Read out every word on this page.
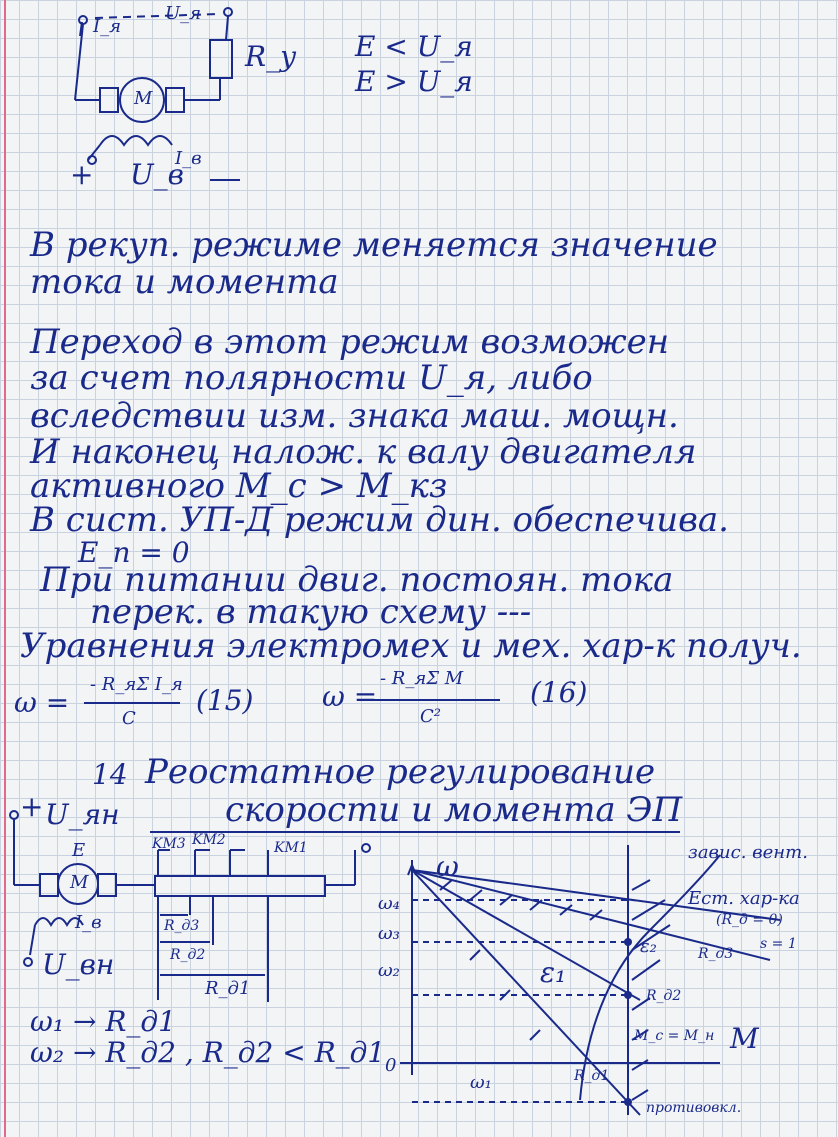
I_я
U_я
R_у
M
I_в
U_в
+
E < U_я
E > U_я
В рекуп. режиме меняется значение
тока и момента
Переход в этот режим возможен
за счет полярности U_я, либо
вследствии изм. знака маш. мощн.
И наконец налож. к валу двигателя
активного M_c > M_кз
В сист. УП-Д режим дин. обеспечива.
E_п = 0
При питании двиг. постоян. тока
перек. в такую схему ---
Уравнения электромех и мех. хар-к получ.
ω =
- R_яΣ I_я
C
(15) ω =
- R_яΣ M
C²
(16)
14 Реостатное регулирование
скорости и момента ЭП
+ U_ян
E
M
KM3 KM2	KM1
R_д3
R_д2
R_д1
I_в
U_вн
ω₁ → R_д1
ω₂ → R_д2 , R_д2 < R_д1
ω
M
0
ω₄
ω₃
ω₂
ω₁
завис. вент.
Ест. хар-ка
(R_д = 0)
s = 1
R_д3
ε₂
ε₁
R_д2
R_д1
M_c = M_н
противовкл.
